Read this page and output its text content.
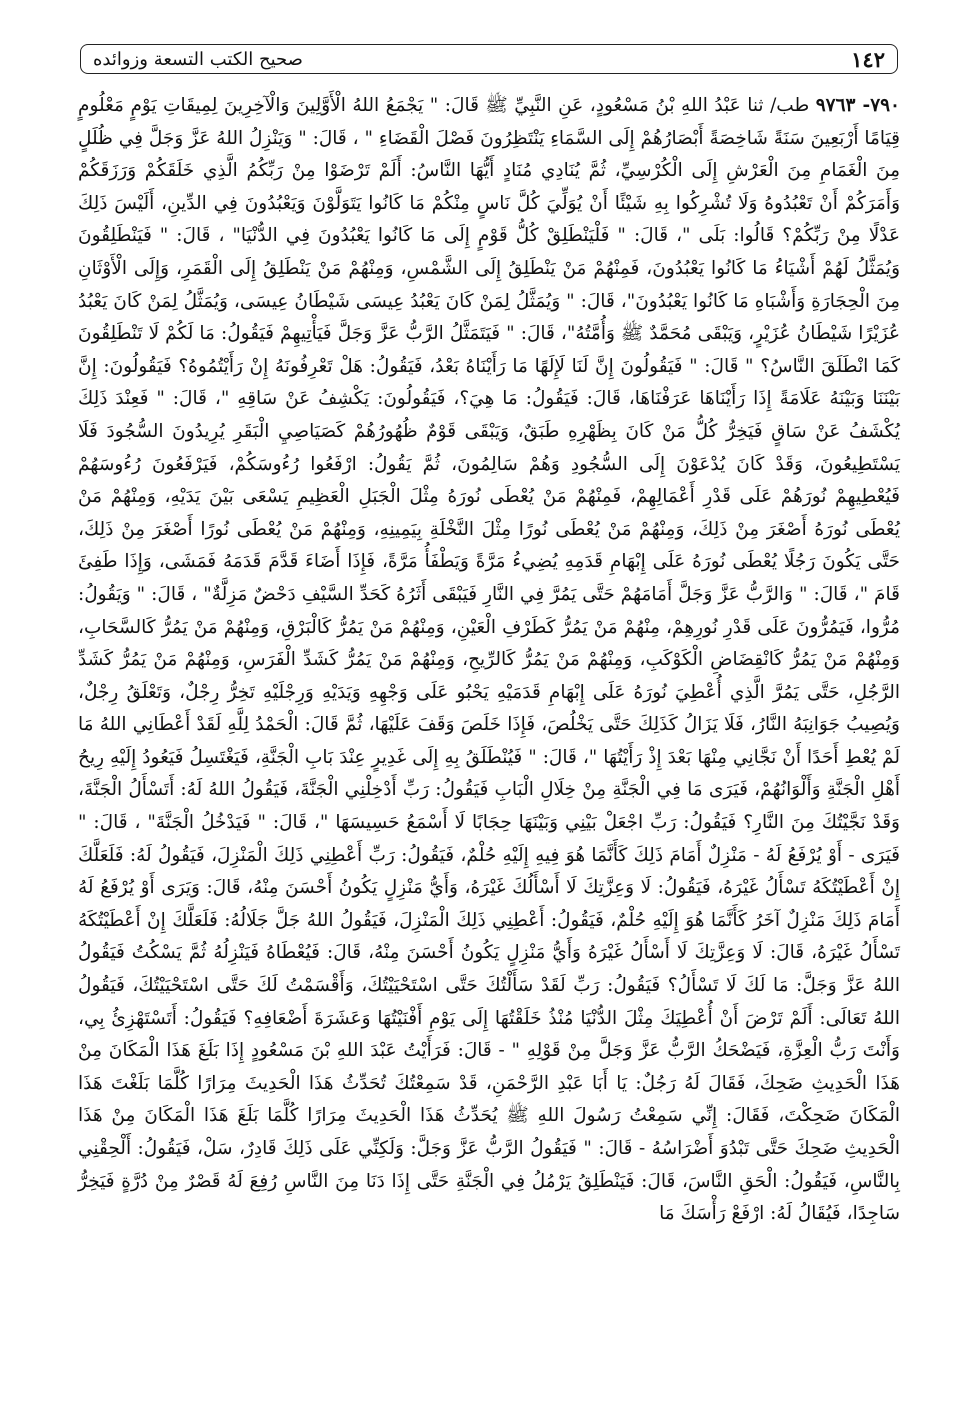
١٤٢
صحيح الكتب التسعة وزوائده

٧٩٠- ٩٧٦٣ طب/ ثنا عَبْدُ اللهِ بْنُ مَسْعُودٍ، عَنِ النَّبِيِّ ﷺ قَالَ: " يَجْمَعُ اللهُ الْأَوَّلِينَ وَالْآخِرِينَ لِمِيقَاتِ يَوْمٍ مَعْلُومٍ قِيَامًا أَرْبَعِينَ سَنَةً شَاخِصَةً أَبْصَارُهُمْ إِلَى السَّمَاءِ يَنْتَظِرُونَ فَصْلَ الْقَضَاءِ " ، قَالَ: " وَيَنْزِلُ اللهُ عَزَّ وَجَلَّ فِي ظُلَلٍ مِنَ الْغَمَامِ مِنَ الْعَرْشِ إِلَى الْكُرْسِيِّ، ثُمَّ يُنَادِي مُنَادٍ أَيُّهَا النَّاسُ: أَلَمْ تَرْضَوْا مِنْ رَبِّكُمُ الَّذِي خَلَقَكُمْ وَرَزَقَكُمْ وَأَمَرَكُمْ أَنْ تَعْبُدُوهُ وَلَا تُشْرِكُوا بِهِ شَيْئًا أَنْ يُوَلِّيَ كُلَّ نَاسٍ مِنْكُمْ مَا كَانُوا يَتَوَلَّوْنَ وَيَعْبُدُونَ فِي الدِّينِ، أَلَيْسَ ذَلِكَ عَدْلًا مِنْ رَبِّكُمْ؟ قَالُوا: بَلَى "، قَالَ: " فَلْيَنْطَلِقْ كُلُّ قَوْمٍ إِلَى مَا كَانُوا يَعْبُدُونَ فِي الدُّنْيَا" ، قَالَ: " فَيَنْطَلِقُونَ وَيُمَثَّلُ لَهُمْ أَشْيَاءُ مَا كَانُوا يَعْبُدُونَ، فَمِنْهُمْ مَنْ يَنْطَلِقُ إِلَى الشَّمْسِ، وَمِنْهُمْ مَنْ يَنْطَلِقُ إِلَى الْقَمَرِ، وَإِلَى الْأَوْثَانِ مِنَ الْحِجَارَةِ وَأَشْبَاهِ مَا كَانُوا يَعْبُدُونَ"، قَالَ: " وَيُمَثَّلُ لِمَنْ كَانَ يَعْبُدُ عِيسَى شَيْطَانُ عِيسَى، وَيُمَثَّلُ لِمَنْ كَانَ يَعْبُدُ عُزَيْرًا شَيْطَانُ عُزَيْرٍ، وَيَبْقَى مُحَمَّدٌ ﷺ وَأُمَّتُهُ"، قَالَ: " فَيَتَمَثَّلُ الرَّبُّ عَزَّ وَجَلَّ فَيَأْتِيهِمْ فَيَقُولُ: مَا لَكُمْ لَا تَنْطَلِقُونَ كَمَا انْطَلَقَ النَّاسُ؟ " قَالَ: " فَيَقُولُونَ إِنَّ لَنَا لَإِلَهًا مَا رَأَيْنَاهُ بَعْدُ، فَيَقُولُ: هَلْ تَعْرِفُونَهُ إِنْ رَأَيْتُمُوهُ؟ فَيَقُولُونَ: إِنَّ بَيْنَنَا وَبَيْنَهُ عَلَامَةً إِذَا رَأَيْنَاهَا عَرَفْنَاهَا، قَالَ: فَيَقُولُ: مَا هِيَ؟، فَيَقُولُونَ: يَكْشِفُ عَنْ سَاقِهِ "، قَالَ: " فَعِنْدَ ذَلِكَ يُكْشَفُ عَنْ سَاقٍ فَيَخِرُّ كُلُّ مَنْ كَانَ بِظَهْرِهِ طَبَقٌ، وَيَبْقَى قَوْمٌ ظُهُورُهُمْ كَصَيَاصِيِ الْبَقَرِ يُرِيدُونَ السُّجُودَ فَلَا يَسْتَطِيعُونَ، وَقَدْ كَانَ يُدْعَوْنَ إِلَى السُّجُودِ وَهُمْ سَالِمُونَ، ثُمَّ يَقُولُ: ارْفَعُوا رُءُوسَكُمْ، فَيَرْفَعُونَ رُءُوسَهُمْ فَيُعْطِيهِمْ نُورَهُمْ عَلَى قَدْرِ أَعْمَالِهِمْ، فَمِنْهُمْ مَنْ يُعْطَى نُورَهُ مِثْلَ الْجَبَلِ الْعَظِيمِ يَسْعَى بَيْنَ يَدَيْهِ، وَمِنْهُمْ مَنْ يُعْطَى نُورَهُ أَصْغَرَ مِنْ ذَلِكَ، وَمِنْهُمْ مَنْ يُعْطَى نُورًا مِثْلَ النَّخْلَةِ بِيَمِينِهِ، وَمِنْهُمْ مَنْ يُعْطَى نُورًا أَصْغَرَ مِنْ ذَلِكَ، حَتَّى يَكُونَ رَجُلًا يُعْطَى نُورَهُ عَلَى إِبْهَامِ قَدَمِهِ يُضِيءُ مَرَّةً وَيَطْفَأُ مَرَّةً، فَإِذَا أَضَاءَ قَدَّمَ قَدَمَهُ فَمَشَى، وَإِذَا طَفِئَ قَامَ "، قَالَ: " وَالرَّبُّ عَزَّ وَجَلَّ أَمَامَهُمْ حَتَّى يَمُرَّ فِي النَّارِ فَيَبْقَى أَثَرُهُ كَحَدِّ السَّيْفِ دَحْضٌ مَزِلَّةٌ" ، قَالَ: " وَيَقُولُ: مُرُّوا، فَيَمُرُّونَ عَلَى قَدْرِ نُورِهِمْ، مِنْهُمْ مَنْ يَمُرُّ كَطَرْفِ الْعَيْنِ، وَمِنْهُمْ مَنْ يَمُرُّ كَالْبَرْقِ، وَمِنْهُمْ مَنْ يَمُرُّ كَالسَّحَابِ، وَمِنْهُمْ مَنْ يَمُرُّ كَانْقِضَاضِ الْكَوْكَبِ، وَمِنْهُمْ مَنْ يَمُرُّ كَالرِّيحِ، وَمِنْهُمْ مَنْ يَمُرُّ كَشَدِّ الْفَرَسِ، وَمِنْهُمْ مَنْ يَمُرُّ كَشَدِّ الرَّجُلِ، حَتَّى يَمُرَّ الَّذِي أُعْطِيَ نُورَهُ عَلَى إِبْهَامِ قَدَمَيْهِ يَحْبُو عَلَى وَجْهِهِ وَيَدَيْهِ وَرِجْلَيْهِ تَخِرُّ رِجْلٌ، وَتَعْلَقُ رِجْلٌ، وَيُصِيبُ جَوَانِبَهُ النَّارُ، فَلَا يَزَالُ كَذَلِكَ حَتَّى يَخْلُصَ، فَإِذَا خَلَصَ وَقَفَ عَلَيْهَا، ثُمَّ قَالَ: الْحَمْدُ لِلَّهِ لَقَدْ أَعْطَانِي اللهُ مَا لَمْ يُعْطِ أَحَدًا أَنْ نَجَّانِي مِنْهَا بَعْدَ إِذْ رَأَيْتُهَا "، قَالَ: " فَيُنْطَلَقُ بِهِ إِلَى غَدِيرٍ عِنْدَ بَابِ الْجَنَّةِ، فَيَغْتَسِلُ فَيَعُودُ إِلَيْهِ رِيحُ أَهْلِ الْجَنَّةِ وَأَلْوَانُهُمْ، فَيَرَى مَا فِي الْجَنَّةِ مِنْ خِلَالِ الْبَابِ فَيَقُولُ: رَبِّ أَدْخِلْنِي الْجَنَّةَ، فَيَقُولُ اللهُ لَهُ: أَتَسْأَلُ الْجَنَّةَ، وَقَدْ نَجَّيْتُكَ مِنَ النَّارِ؟ فَيَقُولُ: رَبِّ اجْعَلْ بَيْنِي وَبَيْنَهَا حِجَابًا لَا أَسْمَعُ حَسِيسَهَا "، قَالَ: " فَيَدْخُلُ الْجَنَّةَ" ، قَالَ: " فَيَرَى - أَوْ يُرْفَعُ لَهُ - مَنْزِلٌ أَمَامَ ذَلِكَ كَأَنَّمَا هُوَ فِيهِ إِلَيْهِ حُلْمٌ، فَيَقُولُ: رَبِّ أَعْطِنِي ذَلِكَ الْمَنْزِلَ، فَيَقُولُ لَهُ: فَلَعَلَّكَ إِنْ أَعْطَيْتُكَهُ تَسْأَلُ غَيْرَهُ، فَيَقُولُ: لَا وَعِزَّتِكَ لَا أَسْأَلُكَ غَيْرَهُ، وَأَيُّ مَنْزِلٍ يَكُونُ أَحْسَنَ مِنْهُ، قَالَ: وَيَرَى أَوْ يُرْفَعُ لَهُ أَمَامَ ذَلِكَ مَنْزِلٌ آخَرُ كَأَنَّمَا هُوَ إِلَيْهِ حُلْمٌ، فَيَقُولُ: أَعْطِنِي ذَلِكَ الْمَنْزِلَ، فَيَقُولُ اللهُ جَلَّ جَلَالُهُ: فَلَعَلَّكَ إِنْ أَعْطَيْتُكَهُ تَسْأَلُ غَيْرَهُ، قَالَ: لَا وَعِزَّتِكَ لَا أَسْأَلُ غَيْرَهُ وَأَيُّ مَنْزِلٍ يَكُونُ أَحْسَنَ مِنْهُ، قَالَ: فَيُعْطَاهُ فَيَنْزِلُهُ ثُمَّ يَسْكُتُ فَيَقُولُ اللهُ عَزَّ وَجَلَّ: مَا لَكَ لَا تَسْأَلُ؟ فَيَقُولُ: رَبِّ لَقَدْ سَأَلْتُكَ حَتَّى اسْتَحْيَيْتُكَ، وَأَقْسَمْتُ لَكَ حَتَّى اسْتَحْيَيْتُكَ، فَيَقُولُ اللهُ تَعَالَى: أَلَمْ تَرْضَ أَنْ أُعْطِيَكَ مِثْلَ الدُّنْيَا مُنْذُ خَلَقْتُهَا إِلَى يَوْمِ أَفْنَيْتُهَا وَعَشَرَةَ أَضْعَافِهِ؟ فَيَقُولُ: أَتَسْتَهْزِئُ بِي، وَأَنْتَ رَبُّ الْعِزَّةِ، فَيَضْحَكُ الرَّبُّ عَزَّ وَجَلَّ مِنْ قَوْلِهِ " - قَالَ: فَرَأَيْتُ عَبْدَ اللهِ بْنَ مَسْعُودٍ إِذَا بَلَغَ هَذَا الْمَكَانَ مِنْ هَذَا الْحَدِيثِ ضَحِكَ، فَقَالَ لَهُ رَجُلٌ: يَا أَبَا عَبْدِ الرَّحْمَنِ، قَدْ سَمِعْتُكَ تُحَدِّثُ هَذَا الْحَدِيثَ مِرَارًا كُلَّمَا بَلَغْتَ هَذَا الْمَكَانَ ضَحِكْتَ، فَقَالَ: إِنِّي سَمِعْتُ رَسُولَ اللهِ ﷺ يُحَدِّثُ هَذَا الْحَدِيثَ مِرَارًا كُلَّمَا بَلَغَ هَذَا الْمَكَانَ مِنْ هَذَا الْحَدِيثِ ضَحِكَ حَتَّى تَبْدُوَ أَضْرَاسُهُ - قَالَ: " فَيَقُولُ الرَّبُّ عَزَّ وَجَلَّ: وَلَكِنِّي عَلَى ذَلِكَ قَادِرٌ، سَلْ، فَيَقُولُ: أَلْحِقْنِي بِالنَّاسِ، فَيَقُولُ: الْحَقِ النَّاسَ، قَالَ: فَيَنْطَلِقُ يَرْمُلُ فِي الْجَنَّةِ حَتَّى إِذَا دَنَا مِنَ النَّاسِ رُفِعَ لَهُ قَصْرٌ مِنْ دُرَّةٍ فَيَخِرُّ سَاجِدًا، فَيُقَالُ لَهُ: ارْفَعْ رَأْسَكَ مَا
